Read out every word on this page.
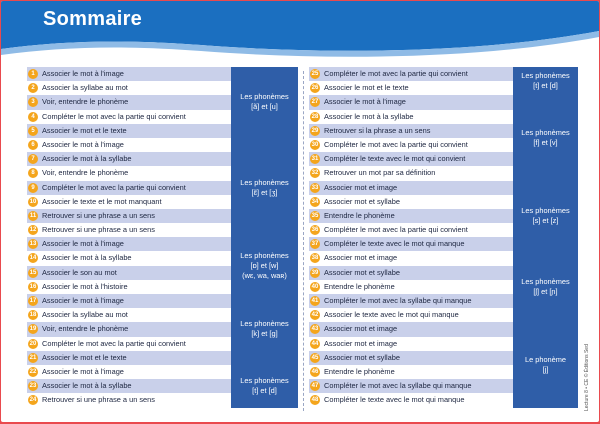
Sommaire
1 Associer le mot à l'image
2 Associer la syllabe au mot
3 Voir, entendre le phonème
4 Compléter le mot avec la partie qui convient
5 Associer le mot et le texte
Les phonèmes
[ã] et [u]
6 Associer le mot à l'image
7 Associer le mot à la syllabe
8 Voir, entendre le phonème
9 Compléter le mot avec la partie qui convient
10 Associer le texte et le mot manquant
11 Retrouver si une phrase a un sens
12 Retrouver si une phrase a un sens
Les phonèmes
[ɛ̃] et [ʒ]
13 Associer le mot à l'image
14 Associer le mot à la syllabe
15 Associer le son au mot
16 Associer le mot à l'histoire
Les phonèmes
[ɒ] et [w]
(wɛ, wa, waʀ)
17 Associer le mot à l'image
18 Associer la syllabe au mot
19 Voir, entendre le phonème
20 Compléter le mot avec la partie qui convient
21 Associer le mot et le texte
Les phonèmes
[k] et [g]
22 Associer le mot à l'image
23 Associer le mot à la syllabe
24 Retrouver si une phrase a un sens
Les phonèmes
[t] et [d]
25 Compléter le mot avec la partie qui convient
26 Associer le mot et le texte
Les phonèmes
[t] et [d]
27 Associer le mot à l'image
28 Associer le mot à la syllabe
29 Retrouver si la phrase a un sens
30 Compléter le mot avec la partie qui convient
31 Compléter le texte avec le mot qui convient
32 Retrouver un mot par sa définition
Les phonèmes
[f] et [v]
33 Associer mot et image
34 Associer mot et syllabe
35 Entendre le phonème
36 Compléter le mot avec la partie qui convient
37 Compléter le texte avec le mot qui manque
Les phonèmes
[s] et [z]
38 Associer mot et image
39 Associer mot et syllabe
40 Entendre le phonème
41 Compléter le mot avec la syllabe qui manque
42 Associer le texte avec le mot qui manque
Les phonèmes
[ʃ] et [ɲ]
43 Associer mot et image
44 Associer mot et image
45 Associer mot et syllabe
46 Entendre le phonème
47 Compléter le mot avec la syllabe qui manque
48 Compléter le texte avec le mot qui manque
Le phonème
[j]	Lecture 8 • CE © Éditions Sed
